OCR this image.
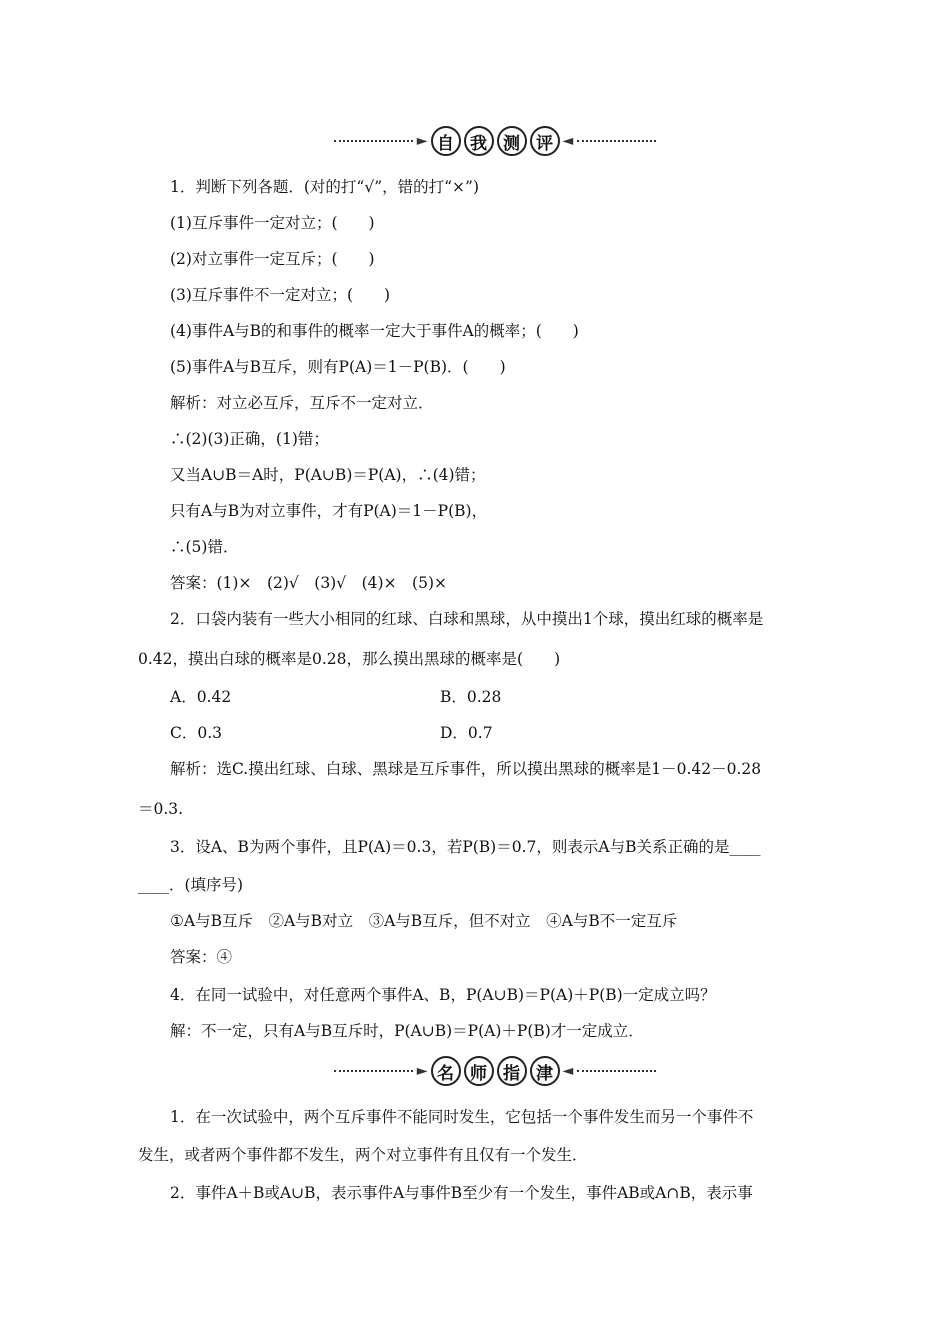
► 自 我 测 评 ◄
1．判断下列各题．(对的打“√”，错的打“×”)
(1)互斥事件一定对立；(　　)
(2)对立事件一定互斥；(　　)
(3)互斥事件不一定对立；(　　)
(4)事件A与B的和事件的概率一定大于事件A的概率；(　　)
(5)事件A与B互斥，则有P(A)＝1－P(B)．(　　)
解析：对立必互斥，互斥不一定对立．
∴(2)(3)正确，(1)错；
又当A∪B＝A时，P(A∪B)＝P(A)，∴(4)错；
只有A与B为对立事件，才有P(A)＝1－P(B)，
∴(5)错．
答案：(1)×　(2)√　(3)√　(4)×　(5)×
2．口袋内装有一些大小相同的红球、白球和黑球，从中摸出1个球，摸出红球的概率是
0.42，摸出白球的概率是0.28，那么摸出黑球的概率是(　　)
A．0.42	B．0.28
C．0.3	D．0.7
解析：选C.摸出红球、白球、黑球是互斥事件，所以摸出黑球的概率是1－0.42－0.28
＝0.3.
3．设A、B为两个事件，且P(A)＝0.3，若P(B)＝0.7，则表示A与B关系正确的是____
____．(填序号)
①A与B互斥　②A与B对立　③A与B互斥，但不对立　④A与B不一定互斥
答案：④
4．在同一试验中，对任意两个事件A、B，P(A∪B)＝P(A)＋P(B)一定成立吗？
解：不一定，只有A与B互斥时，P(A∪B)＝P(A)＋P(B)才一定成立．
► 名 师 指 津 ◄
1．在一次试验中，两个互斥事件不能同时发生，它包括一个事件发生而另一个事件不
发生，或者两个事件都不发生，两个对立事件有且仅有一个发生．
2．事件A＋B或A∪B，表示事件A与事件B至少有一个发生，事件AB或A∩B，表示事
